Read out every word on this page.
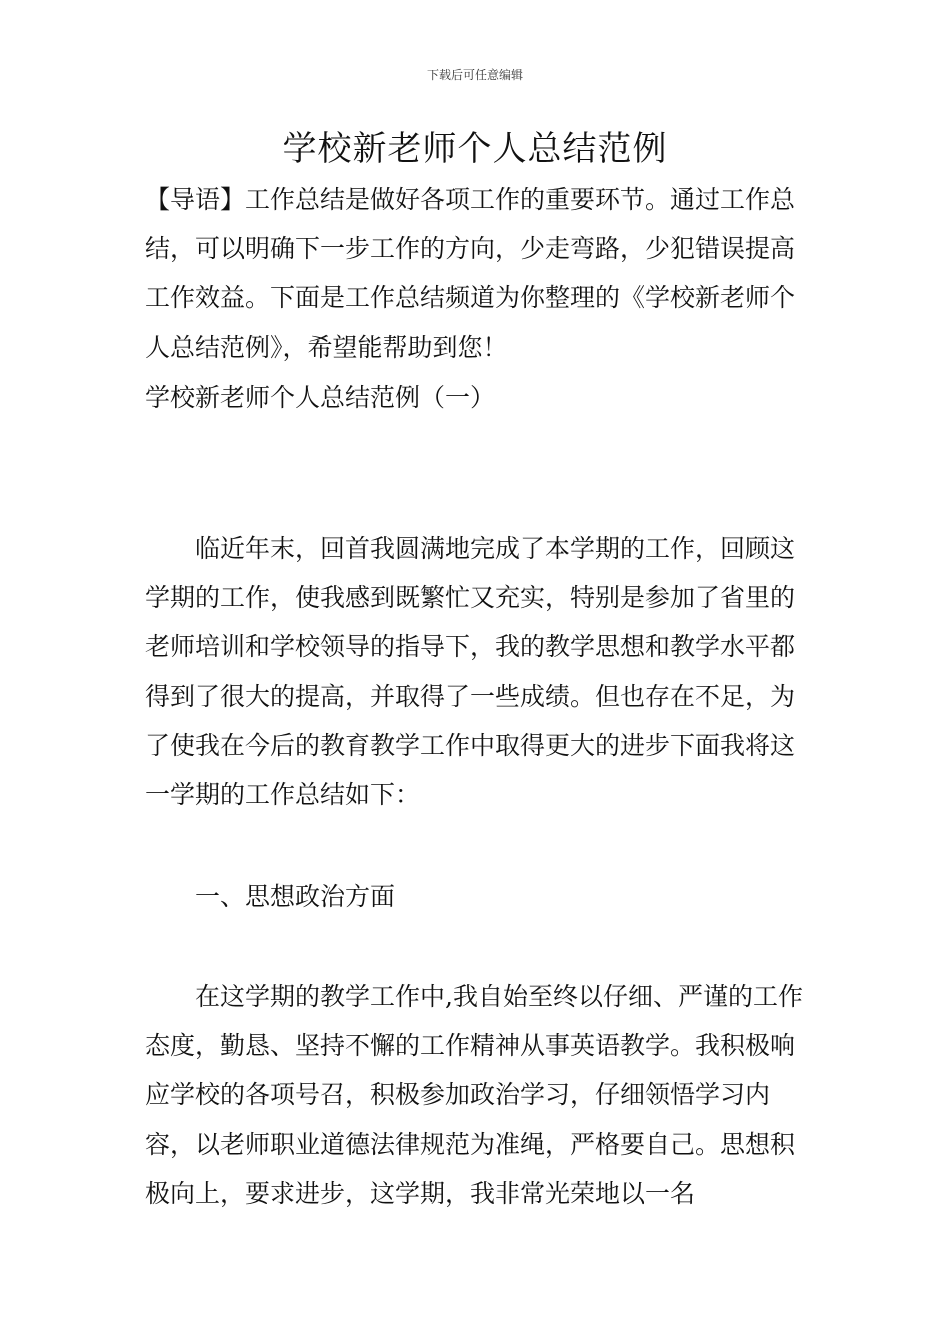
下载后可任意编辑
学校新老师个人总结范例

【导语】工作总结是做好各项工作的重要环节。通过工作总结，可以明确下一步工作的方向，少走弯路，少犯错误提高工作效益。下面是工作总结频道为你整理的《学校新老师个人总结范例》，希望能帮助到您！

学校新老师个人总结范例（一）

临近年末，回首我圆满地完成了本学期的工作，回顾这学期的工作，使我感到既繁忙又充实，特别是参加了省里的老师培训和学校领导的指导下，我的教学思想和教学水平都得到了很大的提高，并取得了一些成绩。但也存在不足，为了使我在今后的教育教学工作中取得更大的进步下面我将这一学期的工作总结如下：

一、思想政治方面

在这学期的教学工作中,我自始至终以仔细、严谨的工作态度，勤恳、坚持不懈的工作精神从事英语教学。我积极响应学校的各项号召，积极参加政治学习，仔细领悟学习内容，以老师职业道德法律规范为准绳，严格要自己。思想积极向上，要求进步，这学期，我非常光荣地以一名
